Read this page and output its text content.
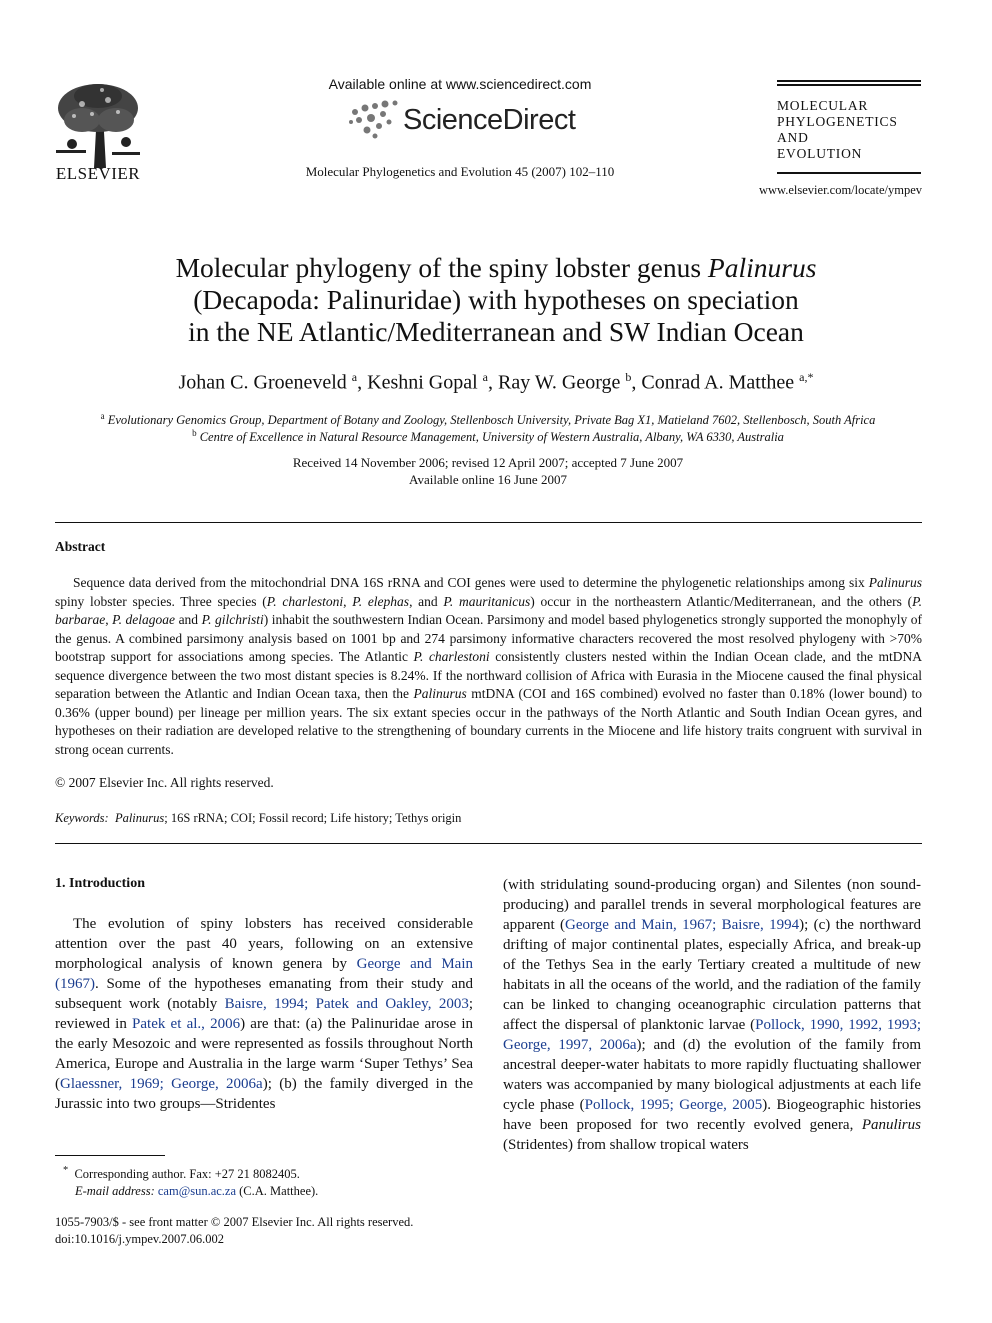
ELSEVIER
Available online at www.sciencedirect.com
ScienceDirect
Molecular Phylogenetics and Evolution 45 (2007) 102–110
MOLECULAR
PHYLOGENETICS
AND
EVOLUTION
www.elsevier.com/locate/ympev
Molecular phylogeny of the spiny lobster genus Palinurus
(Decapoda: Palinuridae) with hypotheses on speciation
in the NE Atlantic/Mediterranean and SW Indian Ocean
Johan C. Groeneveld $^a$, Keshni Gopal $^a$, Ray W. George $^b$, Conrad A. Matthee $^{a,*}$
$^a$ Evolutionary Genomics Group, Department of Botany and Zoology, Stellenbosch University, Private Bag X1, Matieland 7602, Stellenbosch, South Africa
$^b$ Centre of Excellence in Natural Resource Management, University of Western Australia, Albany, WA 6330, Australia
Received 14 November 2006; revised 12 April 2007; accepted 7 June 2007
Available online 16 June 2007
Abstract
Sequence data derived from the mitochondrial DNA 16S rRNA and COI genes were used to determine the phylogenetic relationships among six Palinurus spiny lobster species. Three species (P. charlestoni, P. elephas, and P. mauritanicus) occur in the northeastern Atlantic/Mediterranean, and the others (P. barbarae, P. delagoae and P. gilchristi) inhabit the southwestern Indian Ocean. Parsimony and model based phylogenetics strongly supported the monophyly of the genus. A combined parsimony analysis based on 1001 bp and 274 parsimony informative characters recovered the most resolved phylogeny with >70% bootstrap support for associations among species. The Atlantic P. charlestoni consistently clusters nested within the Indian Ocean clade, and the mtDNA sequence divergence between the two most distant species is 8.24%. If the northward collision of Africa with Eurasia in the Miocene caused the final physical separation between the Atlantic and Indian Ocean taxa, then the Palinurus mtDNA (COI and 16S combined) evolved no faster than 0.18% (lower bound) to 0.36% (upper bound) per lineage per million years. The six extant species occur in the pathways of the North Atlantic and South Indian Ocean gyres, and hypotheses on their radiation are developed relative to the strengthening of boundary currents in the Miocene and life history traits congruent with survival in strong ocean currents.
© 2007 Elsevier Inc. All rights reserved.
Keywords: Palinurus; 16S rRNA; COI; Fossil record; Life history; Tethys origin
1. Introduction
The evolution of spiny lobsters has received considerable attention over the past 40 years, following on an extensive morphological analysis of known genera by George and Main (1967). Some of the hypotheses emanating from their study and subsequent work (notably Baisre, 1994; Patek and Oakley, 2003; reviewed in Patek et al., 2006) are that: (a) the Palinuridae arose in the early Mesozoic and were represented as fossils throughout North America, Europe and Australia in the large warm ‘Super Tethys’ Sea (Glaessner, 1969; George, 2006a); (b) the family diverged in the Jurassic into two groups—Stridentes
(with stridulating sound-producing organ) and Silentes (non sound-producing) and parallel trends in several morphological features are apparent (George and Main, 1967; Baisre, 1994); (c) the northward drifting of major continental plates, especially Africa, and break-up of the Tethys Sea in the early Tertiary created a multitude of new habitats in all the oceans of the world, and the radiation of the family can be linked to changing oceanographic circulation patterns that affect the dispersal of planktonic larvae (Pollock, 1990, 1992, 1993; George, 1997, 2006a); and (d) the evolution of the family from ancestral deeper-water habitats to more rapidly fluctuating shallower waters was accompanied by many biological adjustments at each life cycle phase (Pollock, 1995; George, 2005). Biogeographic histories have been proposed for two recently evolved genera, Panulirus (Stridentes) from shallow tropical waters
* Corresponding author. Fax: +27 21 8082405.
E-mail address: cam@sun.ac.za (C.A. Matthee).
1055-7903/$ - see front matter © 2007 Elsevier Inc. All rights reserved.
doi:10.1016/j.ympev.2007.06.002
